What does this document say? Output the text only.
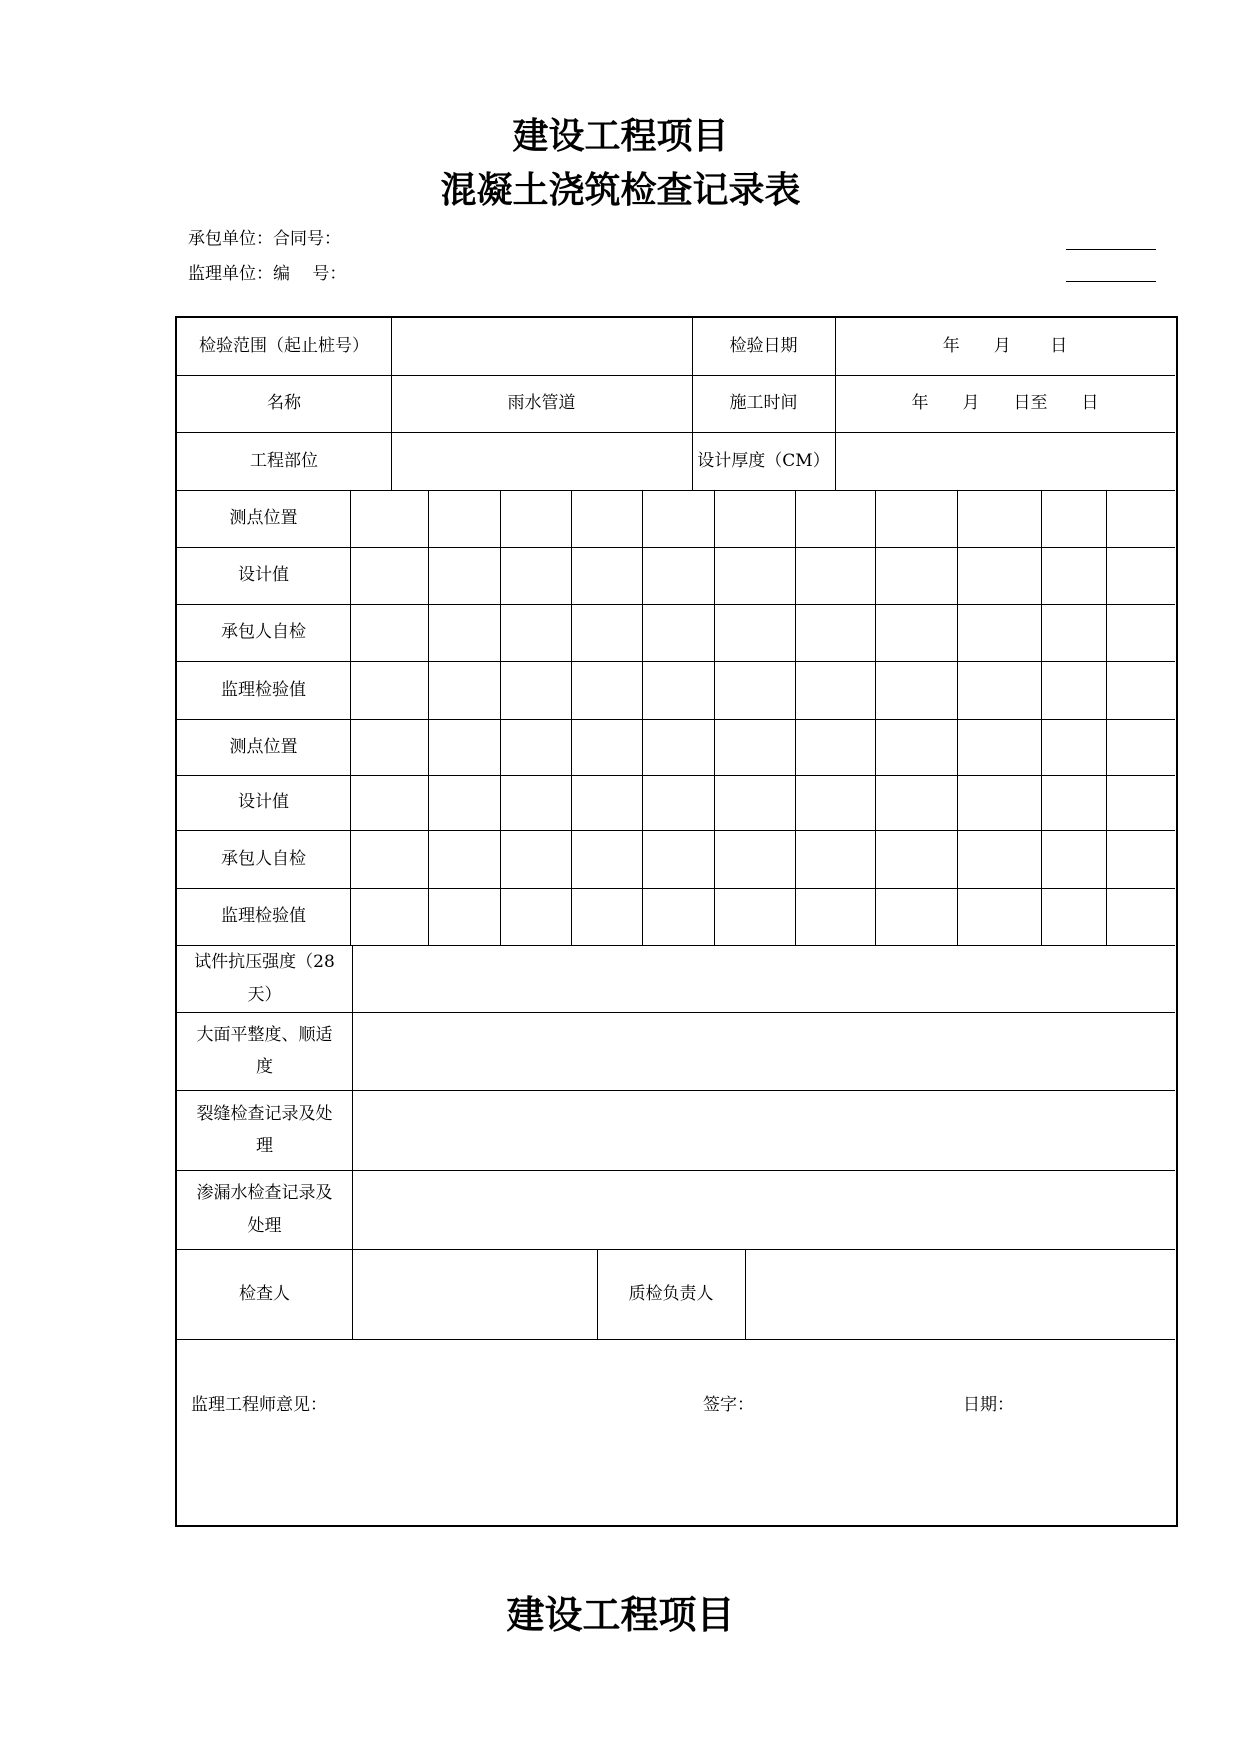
建设工程项目
混凝土浇筑检查记录表
承包单位：合同号：
监理单位：编　 号：
检验范围（起止桩号）	检验日期	年　　月　　 日
名称	雨水管道	施工时间	年　　月　　日至　　日
工程部位	设计厚度（CM）
测点位置
设计值
承包人自检
监理检验值
测点位置
设计值
承包人自检
监理检验值
试件抗压强度（28
天）
大面平整度、顺适
度
裂缝检查记录及处
理
渗漏水检查记录及
处理
检查人	质检负责人
监理工程师意见：	签字：	日期：
建设工程项目
